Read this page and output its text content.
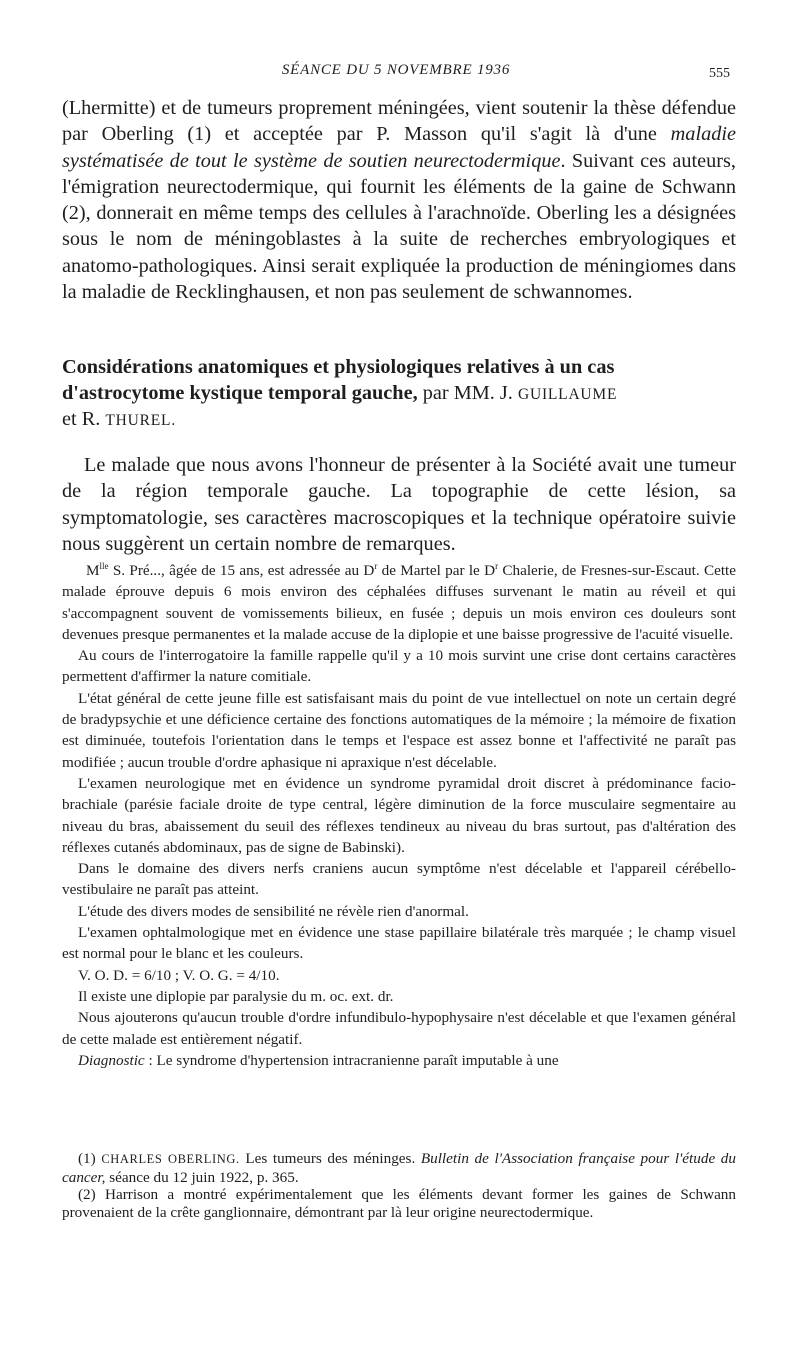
SÉANCE DU 5 NOVEMBRE 1936	555

(Lhermitte) et de tumeurs proprement méningées, vient soutenir la thèse défendue par Oberling (1) et acceptée par P. Masson qu'il s'agit là d'une maladie systématisée de tout le système de soutien neurectodermique. Suivant ces auteurs, l'émigration neurectodermique, qui fournit les éléments de la gaine de Schwann (2), donnerait en même temps des cellules à l'arachnoïde. Oberling les a désignées sous le nom de méningoblastes à la suite de recherches embryologiques et anatomo-pathologiques. Ainsi serait expliquée la production de méningiomes dans la maladie de Recklinghausen, et non pas seulement de schwannomes.

Considérations anatomiques et physiologiques relatives à un cas d'astrocytome kystique temporal gauche, par MM. J. GUILLAUME
et R. THUREL.

Le malade que nous avons l'honneur de présenter à la Société avait une tumeur de la région temporale gauche. La topographie de cette lésion, sa symptomatologie, ses caractères macroscopiques et la technique opératoire suivie nous suggèrent un certain nombre de remarques.

$M^{lle}$ S. Pré..., âgée de 15 ans, est adressée au $D^r$ de Martel par le $D^r$ Chalerie, de Fresnes-sur-Escaut. Cette malade éprouve depuis 6 mois environ des céphalées diffuses survenant le matin au réveil et qui s'accompagnent souvent de vomissements bilieux, en fusée ; depuis un mois environ ces douleurs sont devenues presque permanentes et la malade accuse de la diplopie et une baisse progressive de l'acuité visuelle.

Au cours de l'interrogatoire la famille rappelle qu'il y a 10 mois survint une crise dont certains caractères permettent d'affirmer la nature comitiale.

L'état général de cette jeune fille est satisfaisant mais du point de vue intellectuel on note un certain degré de bradypsychie et une déficience certaine des fonctions automatiques de la mémoire ; la mémoire de fixation est diminuée, toutefois l'orientation dans le temps et l'espace est assez bonne et l'affectivité ne paraît pas modifiée ; aucun trouble d'ordre aphasique ni apraxique n'est décelable.

L'examen neurologique met en évidence un syndrome pyramidal droit discret à prédominance facio-brachiale (parésie faciale droite de type central, légère diminution de la force musculaire segmentaire au niveau du bras, abaissement du seuil des réflexes tendineux au niveau du bras surtout, pas d'altération des réflexes cutanés abdominaux, pas de signe de Babinski).

Dans le domaine des divers nerfs craniens aucun symptôme n'est décelable et l'appareil cérébello-vestibulaire ne paraît pas atteint.

L'étude des divers modes de sensibilité ne révèle rien d'anormal.

L'examen ophtalmologique met en évidence une stase papillaire bilatérale très marquée ; le champ visuel est normal pour le blanc et les couleurs.

V. O. D. = 6/10 ; V. O. G. = 4/10.

Il existe une diplopie par paralysie du m. oc. ext. dr.

Nous ajouterons qu'aucun trouble d'ordre infundibulo-hypophysaire n'est décelable et que l'examen général de cette malade est entièrement négatif.

Diagnostic : Le syndrome d'hypertension intracranienne paraît imputable à une

(1) CHARLES OBERLING. Les tumeurs des méninges. Bulletin de l'Association française pour l'étude du cancer, séance du 12 juin 1922, p. 365.

(2) Harrison a montré expérimentalement que les éléments devant former les gaines de Schwann provenaient de la crête ganglionnaire, démontrant par là leur origine neurectodermique.
